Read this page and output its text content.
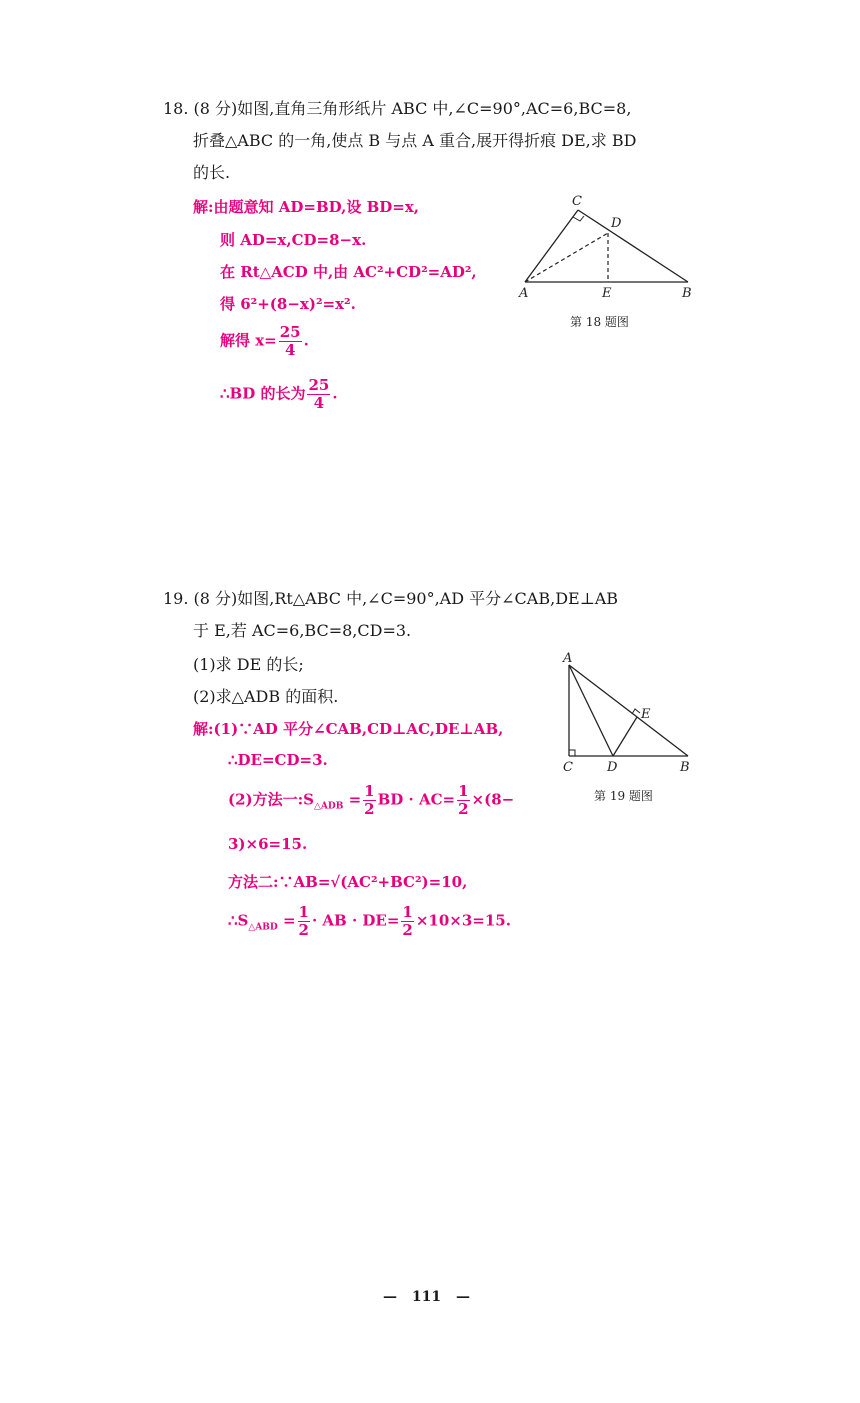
18. (8 分)如图,直角三角形纸片 ABC 中,∠C=90°,AC=6,BC=8,
折叠△ABC 的一角,使点 B 与点 A 重合,展开得折痕 DE,求 BD
的长.
解:由题意知 AD=BD,设 BD=x,
则 AD=x,CD=8−x.
在 Rt△ACD 中,由 AC²+CD²=AD²,
得 6²+(8−x)²=x².
解得 $x= \frac{25}{4}$ .
∴BD 的长为 $\frac{25}{4}$ .
A	B
C
D
E
第 18 题图
19. (8 分)如图,Rt△ABC 中,∠C=90°,AD 平分∠CAB,DE⊥AB
于 E,若 AC=6,BC=8,CD=3.
(1)求 DE 的长;
(2)求△ADB 的面积.
解:(1)∵AD 平分∠CAB,CD⊥AC,DE⊥AB,
∴DE=CD=3.
(2)方法一$:S_{\triangle ADB} = \frac{1}{2}$ BD · $AC= \frac{1}{2} \times(8-$
3)×6=15.
方法二:∵AB=√(AC²+BC²)=10,
$\therefore S_{\triangle ABD} = \frac{1}{2}$ · AB · $DE= \frac{1}{2} \times 10\times 3=15$.
A
B
C	D
E
第 19 题图
— 111 —
